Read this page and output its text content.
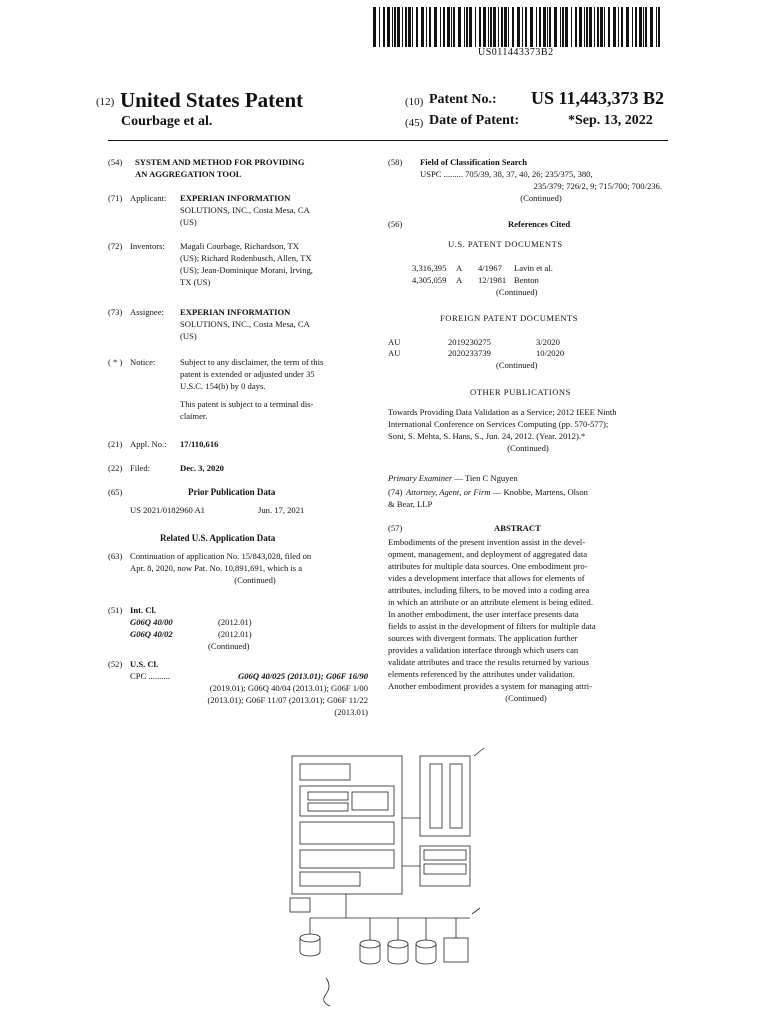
US011443373B2
(12) United States Patent
Courbage et al.
(10) Patent No.: US 11,443,373 B2
(45) Date of Patent:	*Sep. 13, 2022
(54) SYSTEM AND METHOD FOR PROVIDING
AN AGGREGATION TOOL
(71) Applicant: EXPERIAN INFORMATION
SOLUTIONS, INC., Costa Mesa, CA
(US)
(72) Inventors: Magali Courbage, Richardson, TX
(US); Richard Rodenbusch, Allen, TX
(US); Jean-Dominique Morani, Irving,
TX (US)
(73) Assignee: EXPERIAN INFORMATION
SOLUTIONS, INC., Costa Mesa, CA
(US)
( * ) Notice:	Subject to any disclaimer, the term of this
patent is extended or adjusted under 35
U.S.C. 154(b) by 0 days.
This patent is subject to a terminal dis-
claimer.
(21) Appl. No.: 17/110,616
(22) Filed:	Dec. 3, 2020
(65)	Prior Publication Data
US 2021/0182960 A1	Jun. 17, 2021
Related U.S. Application Data
(63) Continuation of application No. 15/843,028, filed on
Apr. 8, 2020, now Pat. No. 10,891,691, which is a
(Continued)
(51) Int. Cl.
G06Q 40/00	(2012.01)
G06Q 40/02	(2012.01)
(Continued)
(52) U.S. Cl.
CPC ..........	G06Q 40/025 (2013.01); G06F 16/90
(2019.01); G06Q 40/04 (2013.01); G06F 1/00
(2013.01); G06F 11/07 (2013.01); G06F 11/22
(2013.01)
(58) Field of Classification Search
USPC ......... 705/39, 38, 37, 40, 26; 235/375, 380,
235/379; 726/2, 9; 715/700; 700/236.
(Continued)
(56)	References Cited
U.S. PATENT DOCUMENTS
3,316,395 A 4/1967 Lavin et al.
4,305,059 A 12/1981 Benton
(Continued)
FOREIGN PATENT DOCUMENTS
AU	2019230275	3/2020
AU	2020233739	10/2020
(Continued)
OTHER PUBLICATIONS
Towards Providing Data Validation as a Service; 2012 IEEE Ninth
International Conference on Services Computing (pp. 570-577);
Soni, S. Mehta, S. Hans, S., Jun. 24, 2012. (Year. 2012).*
(Continued)
Primary Examiner — Tien C Nguyen
(74) Attorney, Agent, or Firm — Knobbe, Martens, Olson
& Bear, LLP
(57)	ABSTRACT
Embodiments of the present invention assist in the devel-
opment, management, and deployment of aggregated data
attributes for multiple data sources. One embodiment pro-
vides a development interface that allows for elements of
attributes, including filters, to be moved into a coding area
in which an attribute or an attribute element is being edited.
In another embodiment, the user interface presents data
fields to assist in the development of filters for multiple data
sources with divergent formats. The application further
provides a validation interface through which users can
validate attributes and trace the results returned by various
elements referenced by the attributes under validation.
Another embodiment provides a system for managing attri-
(Continued)
